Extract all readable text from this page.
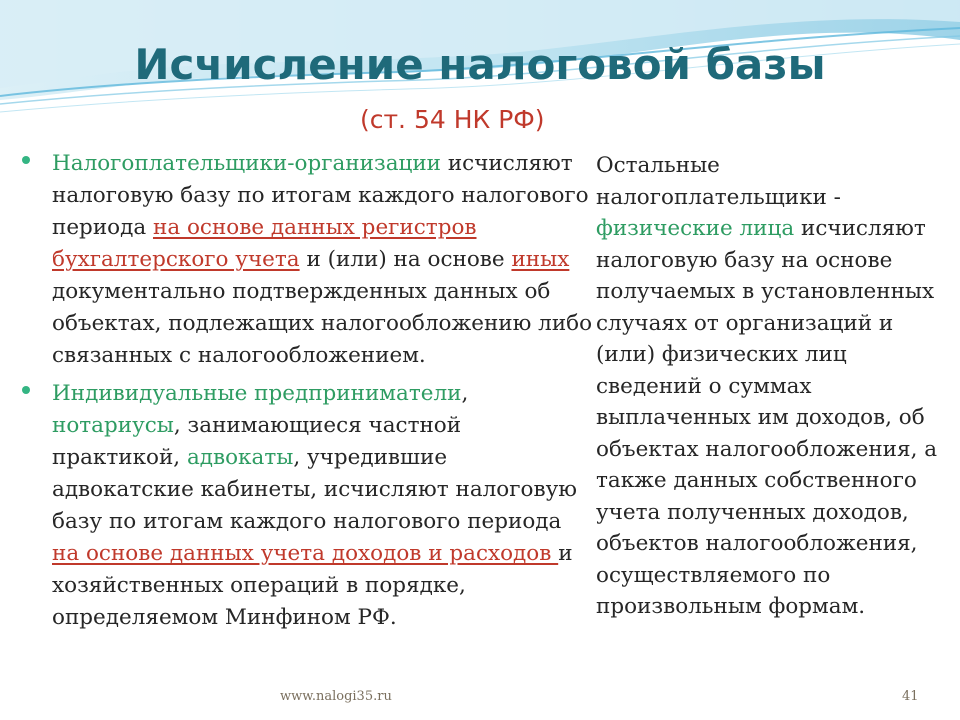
Исчисление налоговой базы
(ст. 54 НК РФ)
Налогоплательщики-организации исчисляют налоговую базу по итогам каждого налогового периода на основе данных регистров бухгалтерского учета и (или) на основе иных документально подтвержденных данных об объектах, подлежащих налогообложению либо связанных с налогообложением.
Индивидуальные предприниматели, нотариусы, занимающиеся частной практикой, адвокаты, учредившие адвокатские кабинеты, исчисляют налоговую базу по итогам каждого налогового периода на основе данных учета доходов и расходов и хозяйственных операций в порядке, определяемом Минфином РФ.
Остальные налогоплательщики - физические лица исчисляют налоговую базу на основе получаемых в установленных случаях от организаций и (или) физических лиц сведений о суммах выплаченных им доходов, об объектах налогообложения, а также данных собственного учета полученных доходов, объектов налогообложения, осуществляемого по произвольным формам.
www.nalogi35.ru	41
